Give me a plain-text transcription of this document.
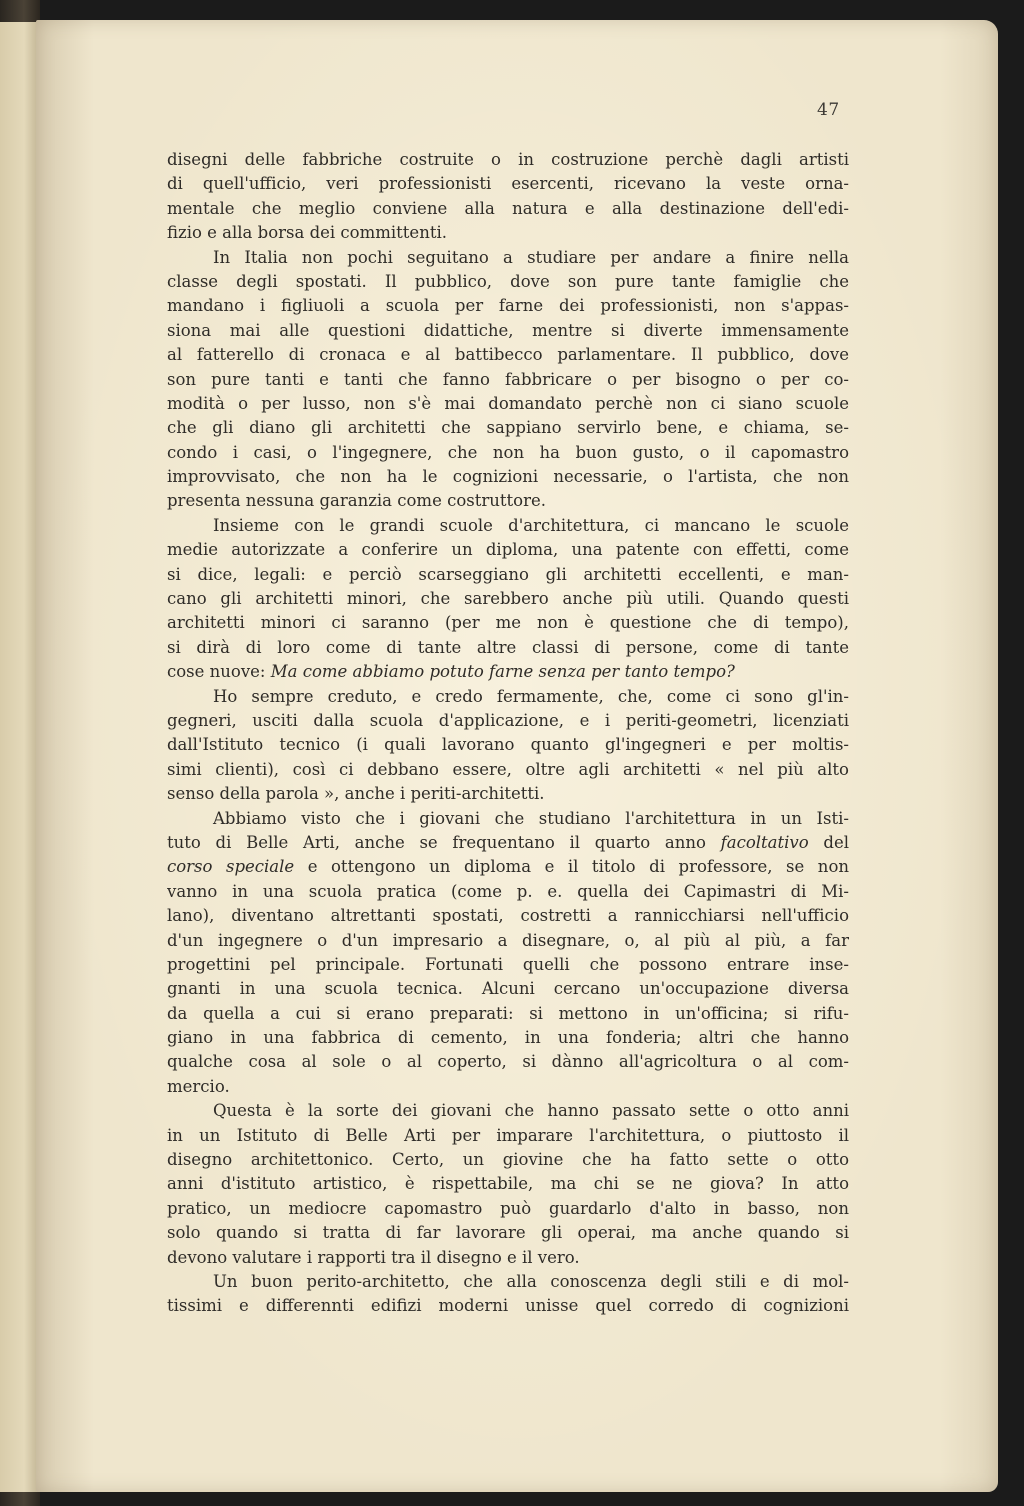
47
disegni delle fabbriche costruite o in costruzione perchè dagli artisti
di quell'ufficio, veri professionisti esercenti, ricevano la veste orna-
mentale che meglio conviene alla natura e alla destinazione dell'edi-
fizio e alla borsa dei committenti.
In Italia non pochi seguitano a studiare per andare a finire nella
classe degli spostati. Il pubblico, dove son pure tante famiglie che
mandano i figliuoli a scuola per farne dei professionisti, non s'appas-
siona mai alle questioni didattiche, mentre si diverte immensamente
al fatterello di cronaca e al battibecco parlamentare. Il pubblico, dove
son pure tanti e tanti che fanno fabbricare o per bisogno o per co-
modità o per lusso, non s'è mai domandato perchè non ci siano scuole
che gli diano gli architetti che sappiano servirlo bene, e chiama, se-
condo i casi, o l'ingegnere, che non ha buon gusto, o il capomastro
improvvisato, che non ha le cognizioni necessarie, o l'artista, che non
presenta nessuna garanzia come costruttore.
Insieme con le grandi scuole d'architettura, ci mancano le scuole
medie autorizzate a conferire un diploma, una patente con effetti, come
si dice, legali: e perciò scarseggiano gli architetti eccellenti, e man-
cano gli architetti minori, che sarebbero anche più utili. Quando questi
architetti minori ci saranno (per me non è questione che di tempo),
si dirà di loro come di tante altre classi di persone, come di tante
cose nuove: Ma come abbiamo potuto farne senza per tanto tempo?
Ho sempre creduto, e credo fermamente, che, come ci sono gl'in-
gegneri, usciti dalla scuola d'applicazione, e i periti-geometri, licenziati
dall'Istituto tecnico (i quali lavorano quanto gl'ingegneri e per moltis-
simi clienti), così ci debbano essere, oltre agli architetti « nel più alto
senso della parola », anche i periti-architetti.
Abbiamo visto che i giovani che studiano l'architettura in un Isti-
tuto di Belle Arti, anche se frequentano il quarto anno facoltativo del
corso speciale e ottengono un diploma e il titolo di professore, se non
vanno in una scuola pratica (come p. e. quella dei Capimastri di Mi-
lano), diventano altrettanti spostati, costretti a rannicchiarsi nell'ufficio
d'un ingegnere o d'un impresario a disegnare, o, al più al più, a far
progettini pel principale. Fortunati quelli che possono entrare inse-
gnanti in una scuola tecnica. Alcuni cercano un'occupazione diversa
da quella a cui si erano preparati: si mettono in un'officina; si rifu-
giano in una fabbrica di cemento, in una fonderia; altri che hanno
qualche cosa al sole o al coperto, si dànno all'agricoltura o al com-
mercio.
Questa è la sorte dei giovani che hanno passato sette o otto anni
in un Istituto di Belle Arti per imparare l'architettura, o piuttosto il
disegno architettonico. Certo, un giovine che ha fatto sette o otto
anni d'istituto artistico, è rispettabile, ma chi se ne giova? In atto
pratico, un mediocre capomastro può guardarlo d'alto in basso, non
solo quando si tratta di far lavorare gli operai, ma anche quando si
devono valutare i rapporti tra il disegno e il vero.
Un buon perito-architetto, che alla conoscenza degli stili e di mol-
tissimi e differennti edifizi moderni unisse quel corredo di cognizioni
